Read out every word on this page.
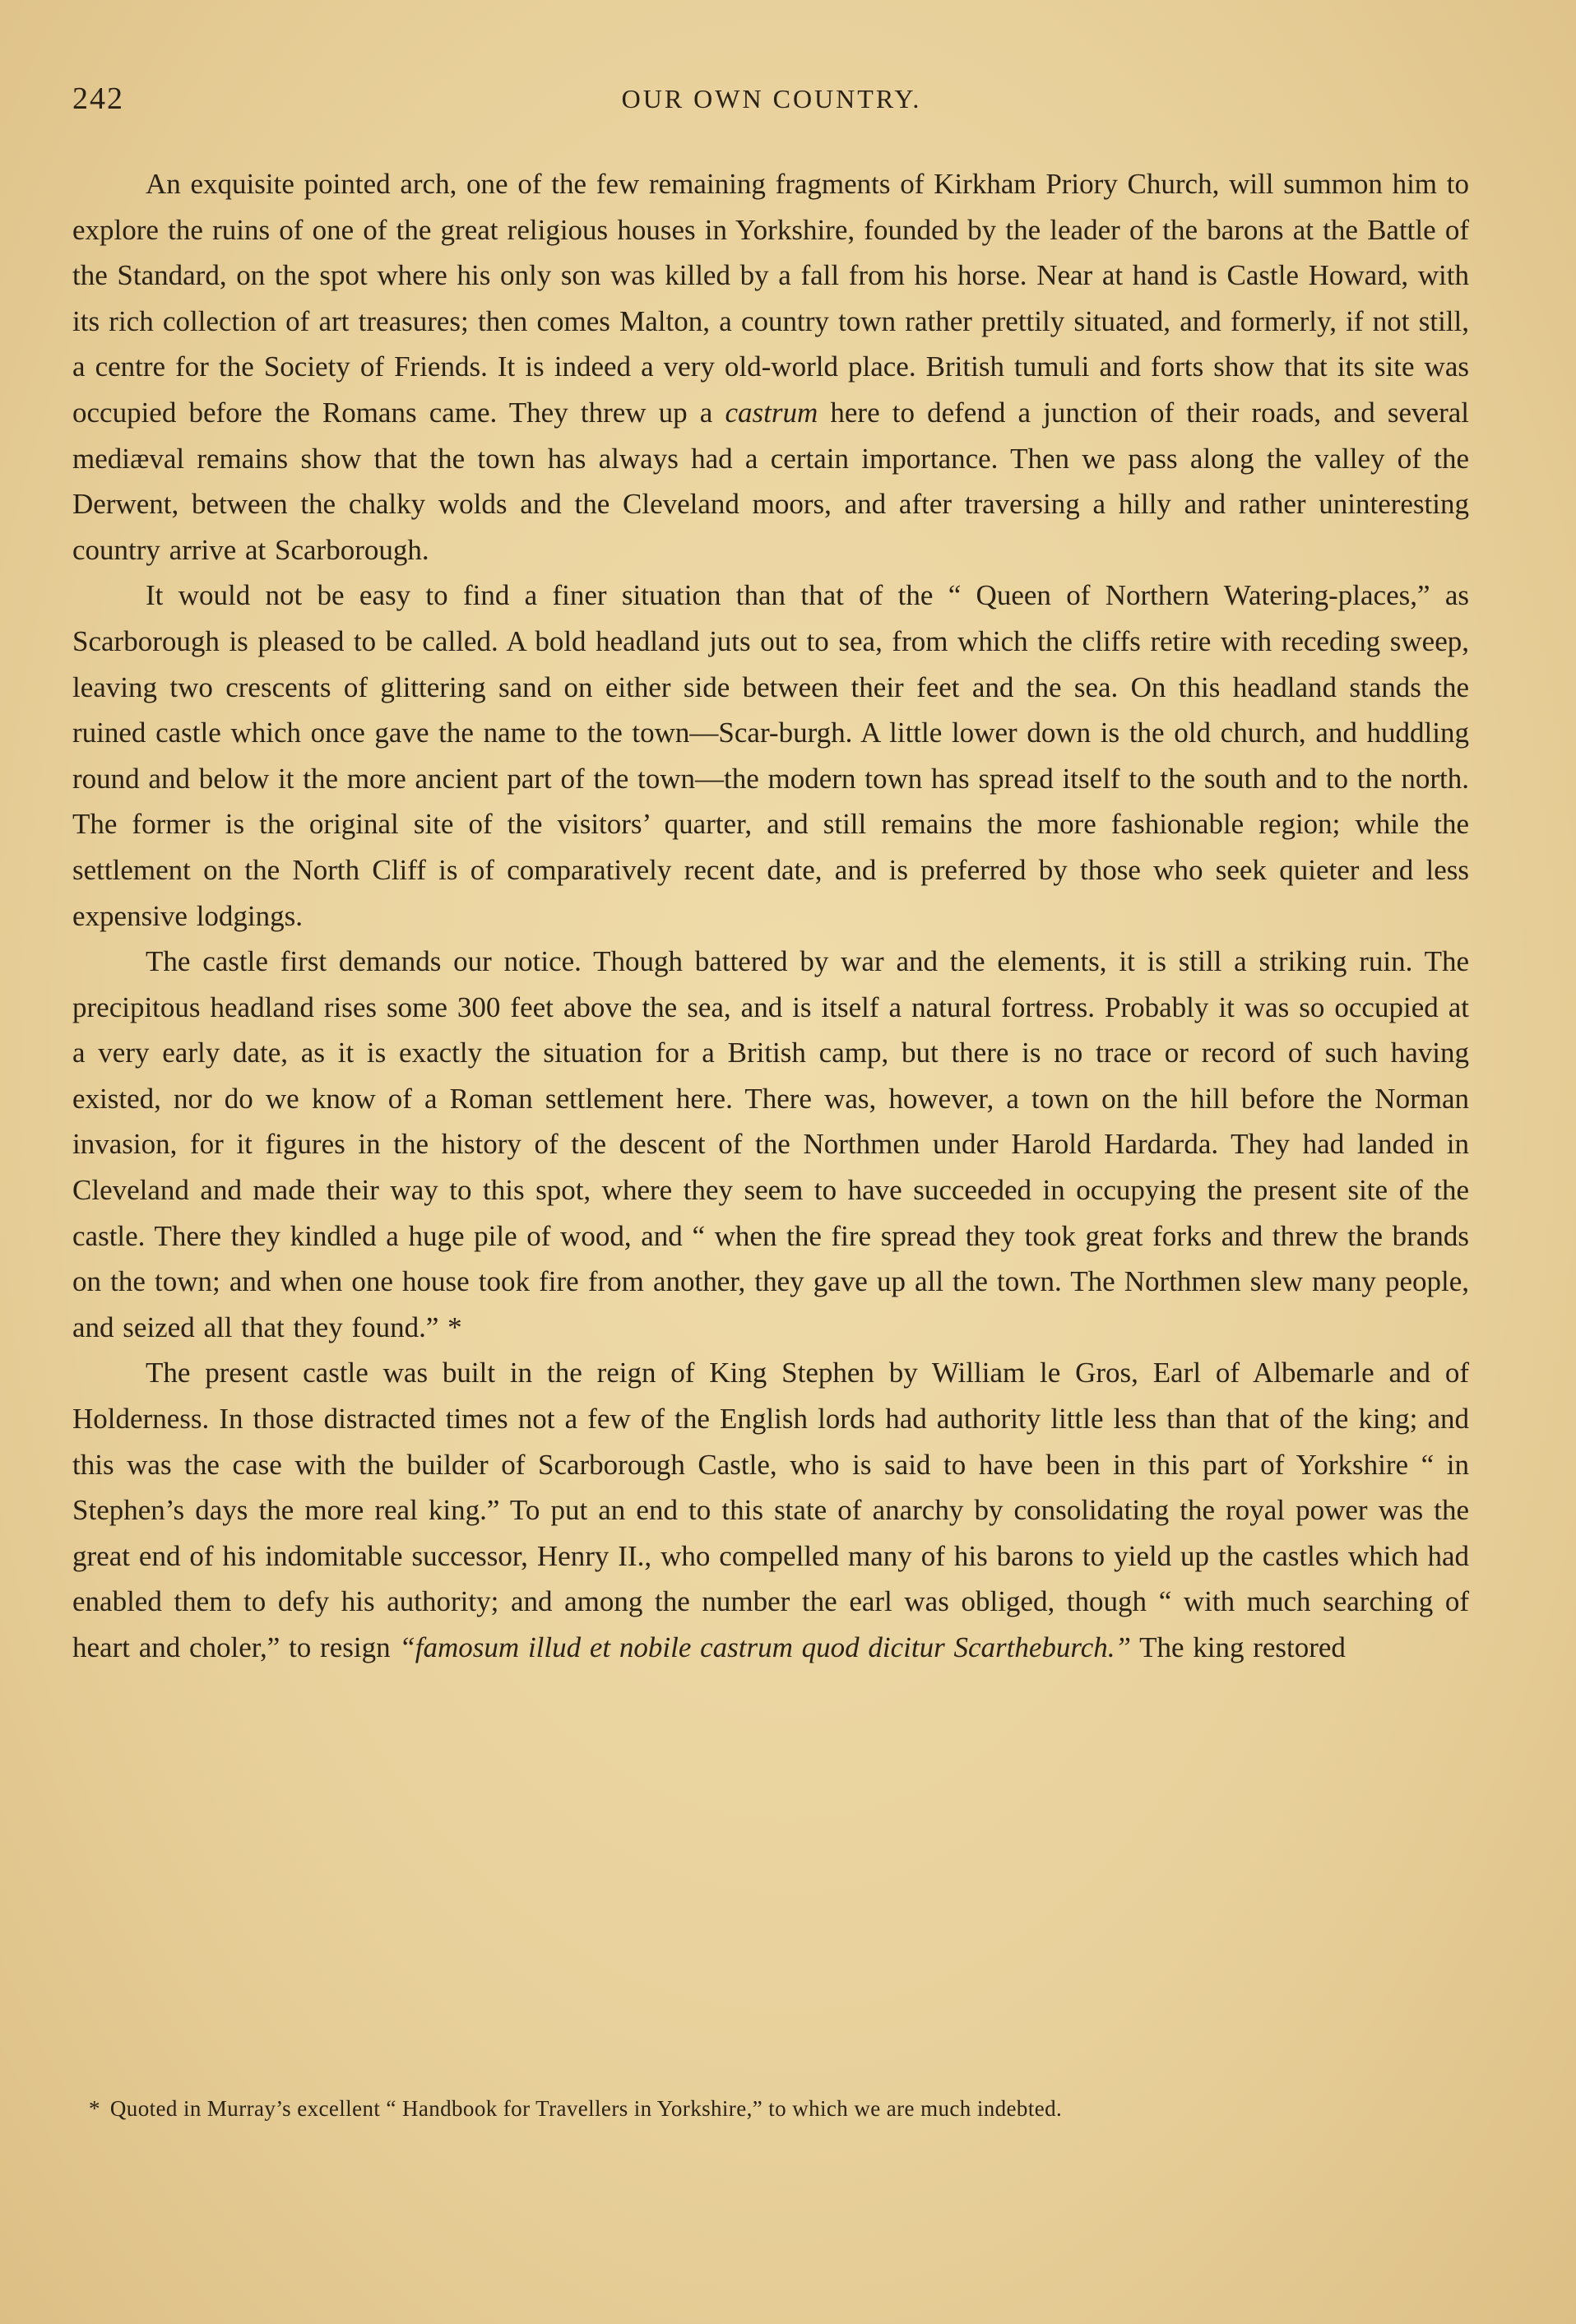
242	OUR OWN COUNTRY.

An exquisite pointed arch, one of the few remaining fragments of Kirkham Priory Church, will summon him to explore the ruins of one of the great religious houses in Yorkshire, founded by the leader of the barons at the Battle of the Standard, on the spot where his only son was killed by a fall from his horse. Near at hand is Castle Howard, with its rich collection of art treasures; then comes Malton, a country town rather prettily situated, and formerly, if not still, a centre for the Society of Friends. It is indeed a very old-world place. British tumuli and forts show that its site was occupied before the Romans came. They threw up a castrum here to defend a junction of their roads, and several mediæval remains show that the town has always had a certain importance. Then we pass along the valley of the Derwent, between the chalky wolds and the Cleveland moors, and after traversing a hilly and rather uninteresting country arrive at Scarborough.

It would not be easy to find a finer situation than that of the “ Queen of Northern Watering-places,” as Scarborough is pleased to be called. A bold headland juts out to sea, from which the cliffs retire with receding sweep, leaving two crescents of glittering sand on either side between their feet and the sea. On this headland stands the ruined castle which once gave the name to the town—Scar-burgh. A little lower down is the old church, and huddling round and below it the more ancient part of the town—the modern town has spread itself to the south and to the north. The former is the original site of the visitors’ quarter, and still remains the more fashionable region; while the settlement on the North Cliff is of comparatively recent date, and is preferred by those who seek quieter and less expensive lodgings.

The castle first demands our notice. Though battered by war and the elements, it is still a striking ruin. The precipitous headland rises some 300 feet above the sea, and is itself a natural fortress. Probably it was so occupied at a very early date, as it is exactly the situation for a British camp, but there is no trace or record of such having existed, nor do we know of a Roman settlement here. There was, however, a town on the hill before the Norman invasion, for it figures in the history of the descent of the Northmen under Harold Hardarda. They had landed in Cleveland and made their way to this spot, where they seem to have succeeded in occupying the present site of the castle. There they kindled a huge pile of wood, and “ when the fire spread they took great forks and threw the brands on the town; and when one house took fire from another, they gave up all the town. The Northmen slew many people, and seized all that they found.” *

The present castle was built in the reign of King Stephen by William le Gros, Earl of Albemarle and of Holderness. In those distracted times not a few of the English lords had authority little less than that of the king; and this was the case with the builder of Scarborough Castle, who is said to have been in this part of Yorkshire “ in Stephen’s days the more real king.” To put an end to this state of anarchy by consolidating the royal power was the great end of his indomitable successor, Henry II., who compelled many of his barons to yield up the castles which had enabled them to defy his authority; and among the number the earl was obliged, though “ with much searching of heart and choler,” to resign “famosum illud et nobile castrum quod dicitur Scartheburch.” The king restored

* Quoted in Murray’s excellent “ Handbook for Travellers in Yorkshire,” to which we are much indebted.
